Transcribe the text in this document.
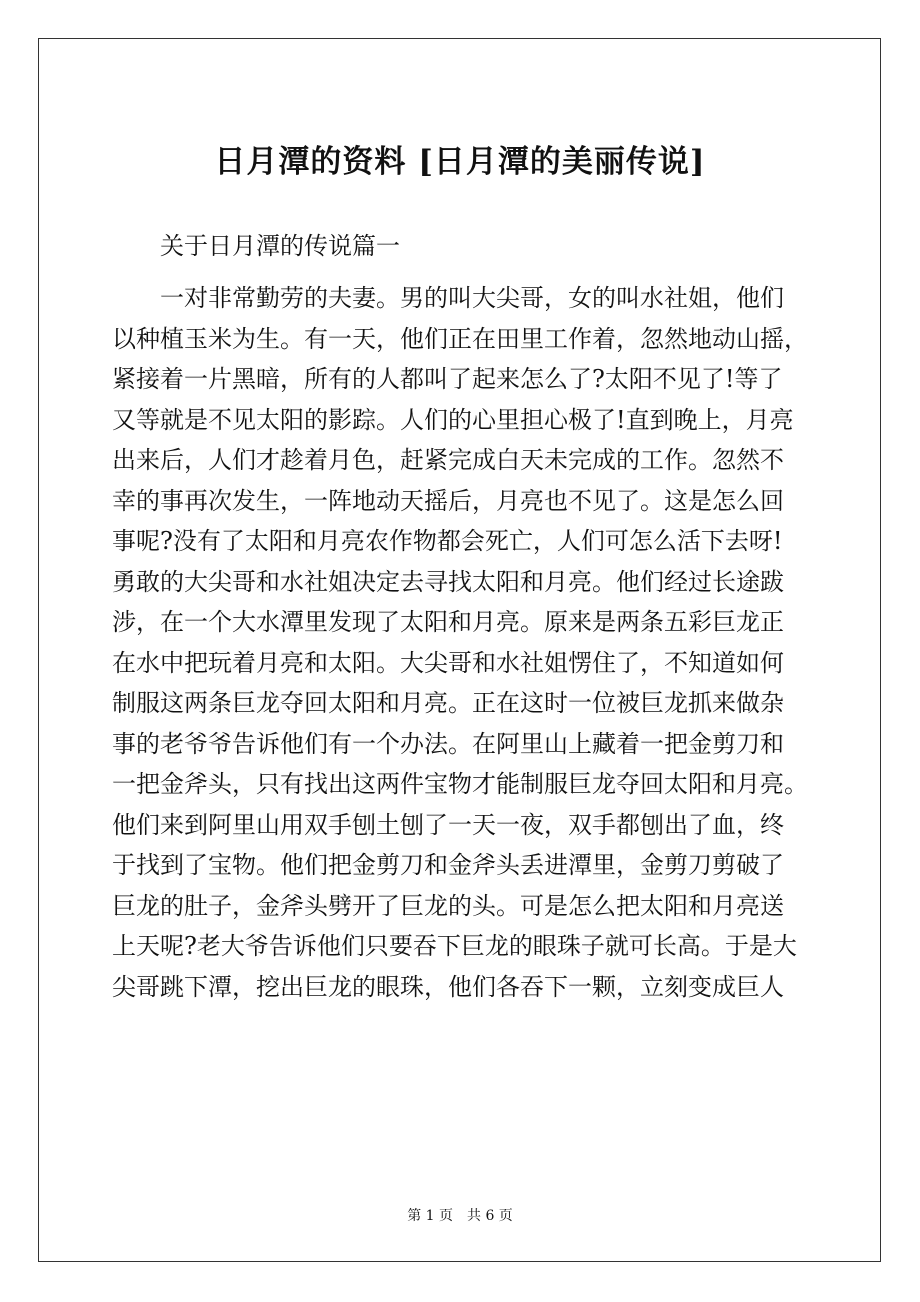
日月潭的资料 [日月潭的美丽传说]
关于日月潭的传说篇一
一对非常勤劳的夫妻。男的叫大尖哥，女的叫水社姐，他们
以种植玉米为生。有一天，他们正在田里工作着，忽然地动山摇，
紧接着一片黑暗，所有的人都叫了起来怎么了?太阳不见了!等了
又等就是不见太阳的影踪。人们的心里担心极了!直到晚上，月亮
出来后，人们才趁着月色，赶紧完成白天未完成的工作。忽然不
幸的事再次发生，一阵地动天摇后，月亮也不见了。这是怎么回
事呢?没有了太阳和月亮农作物都会死亡，人们可怎么活下去呀!
勇敢的大尖哥和水社姐决定去寻找太阳和月亮。他们经过长途跋
涉，在一个大水潭里发现了太阳和月亮。原来是两条五彩巨龙正
在水中把玩着月亮和太阳。大尖哥和水社姐愣住了，不知道如何
制服这两条巨龙夺回太阳和月亮。正在这时一位被巨龙抓来做杂
事的老爷爷告诉他们有一个办法。在阿里山上藏着一把金剪刀和
一把金斧头，只有找出这两件宝物才能制服巨龙夺回太阳和月亮。
他们来到阿里山用双手刨土刨了一天一夜，双手都刨出了血，终
于找到了宝物。他们把金剪刀和金斧头丢进潭里，金剪刀剪破了
巨龙的肚子，金斧头劈开了巨龙的头。可是怎么把太阳和月亮送
上天呢?老大爷告诉他们只要吞下巨龙的眼珠子就可长高。于是大
尖哥跳下潭，挖出巨龙的眼珠，他们各吞下一颗，立刻变成巨人
第 1 页　共 6 页
